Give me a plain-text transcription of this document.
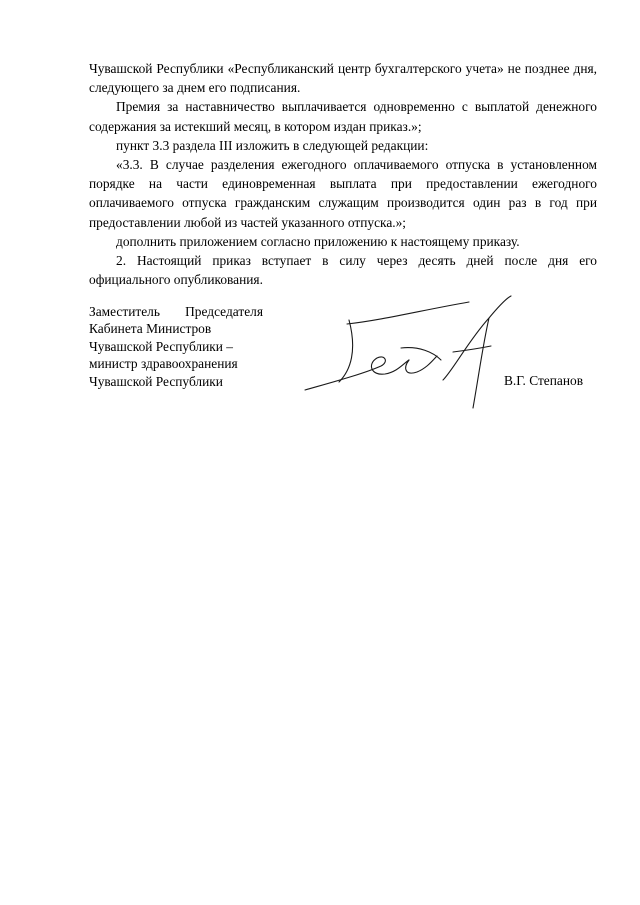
Чувашской Республики «Республиканский центр бухгалтерского учета» не позднее дня, следующего за днем его подписания.

Премия за наставничество выплачивается одновременно с выплатой денежного содержания за истекший месяц, в котором издан приказ.»;

пункт 3.3 раздела III изложить в следующей редакции:

«3.3. В случае разделения ежегодного оплачиваемого отпуска в установленном порядке на части единовременная выплата при предоставлении ежегодного оплачиваемого отпуска гражданским служащим производится один раз в год при предоставлении любой из частей указанного отпуска.»;

дополнить приложением согласно приложению к настоящему приказу.

2. Настоящий приказ вступает в силу через десять дней после дня его официального опубликования.

Заместитель Председателя
Кабинета Министров
Чувашской Республики –
министр здравоохранения
Чувашской Республики	В.Г. Степанов
